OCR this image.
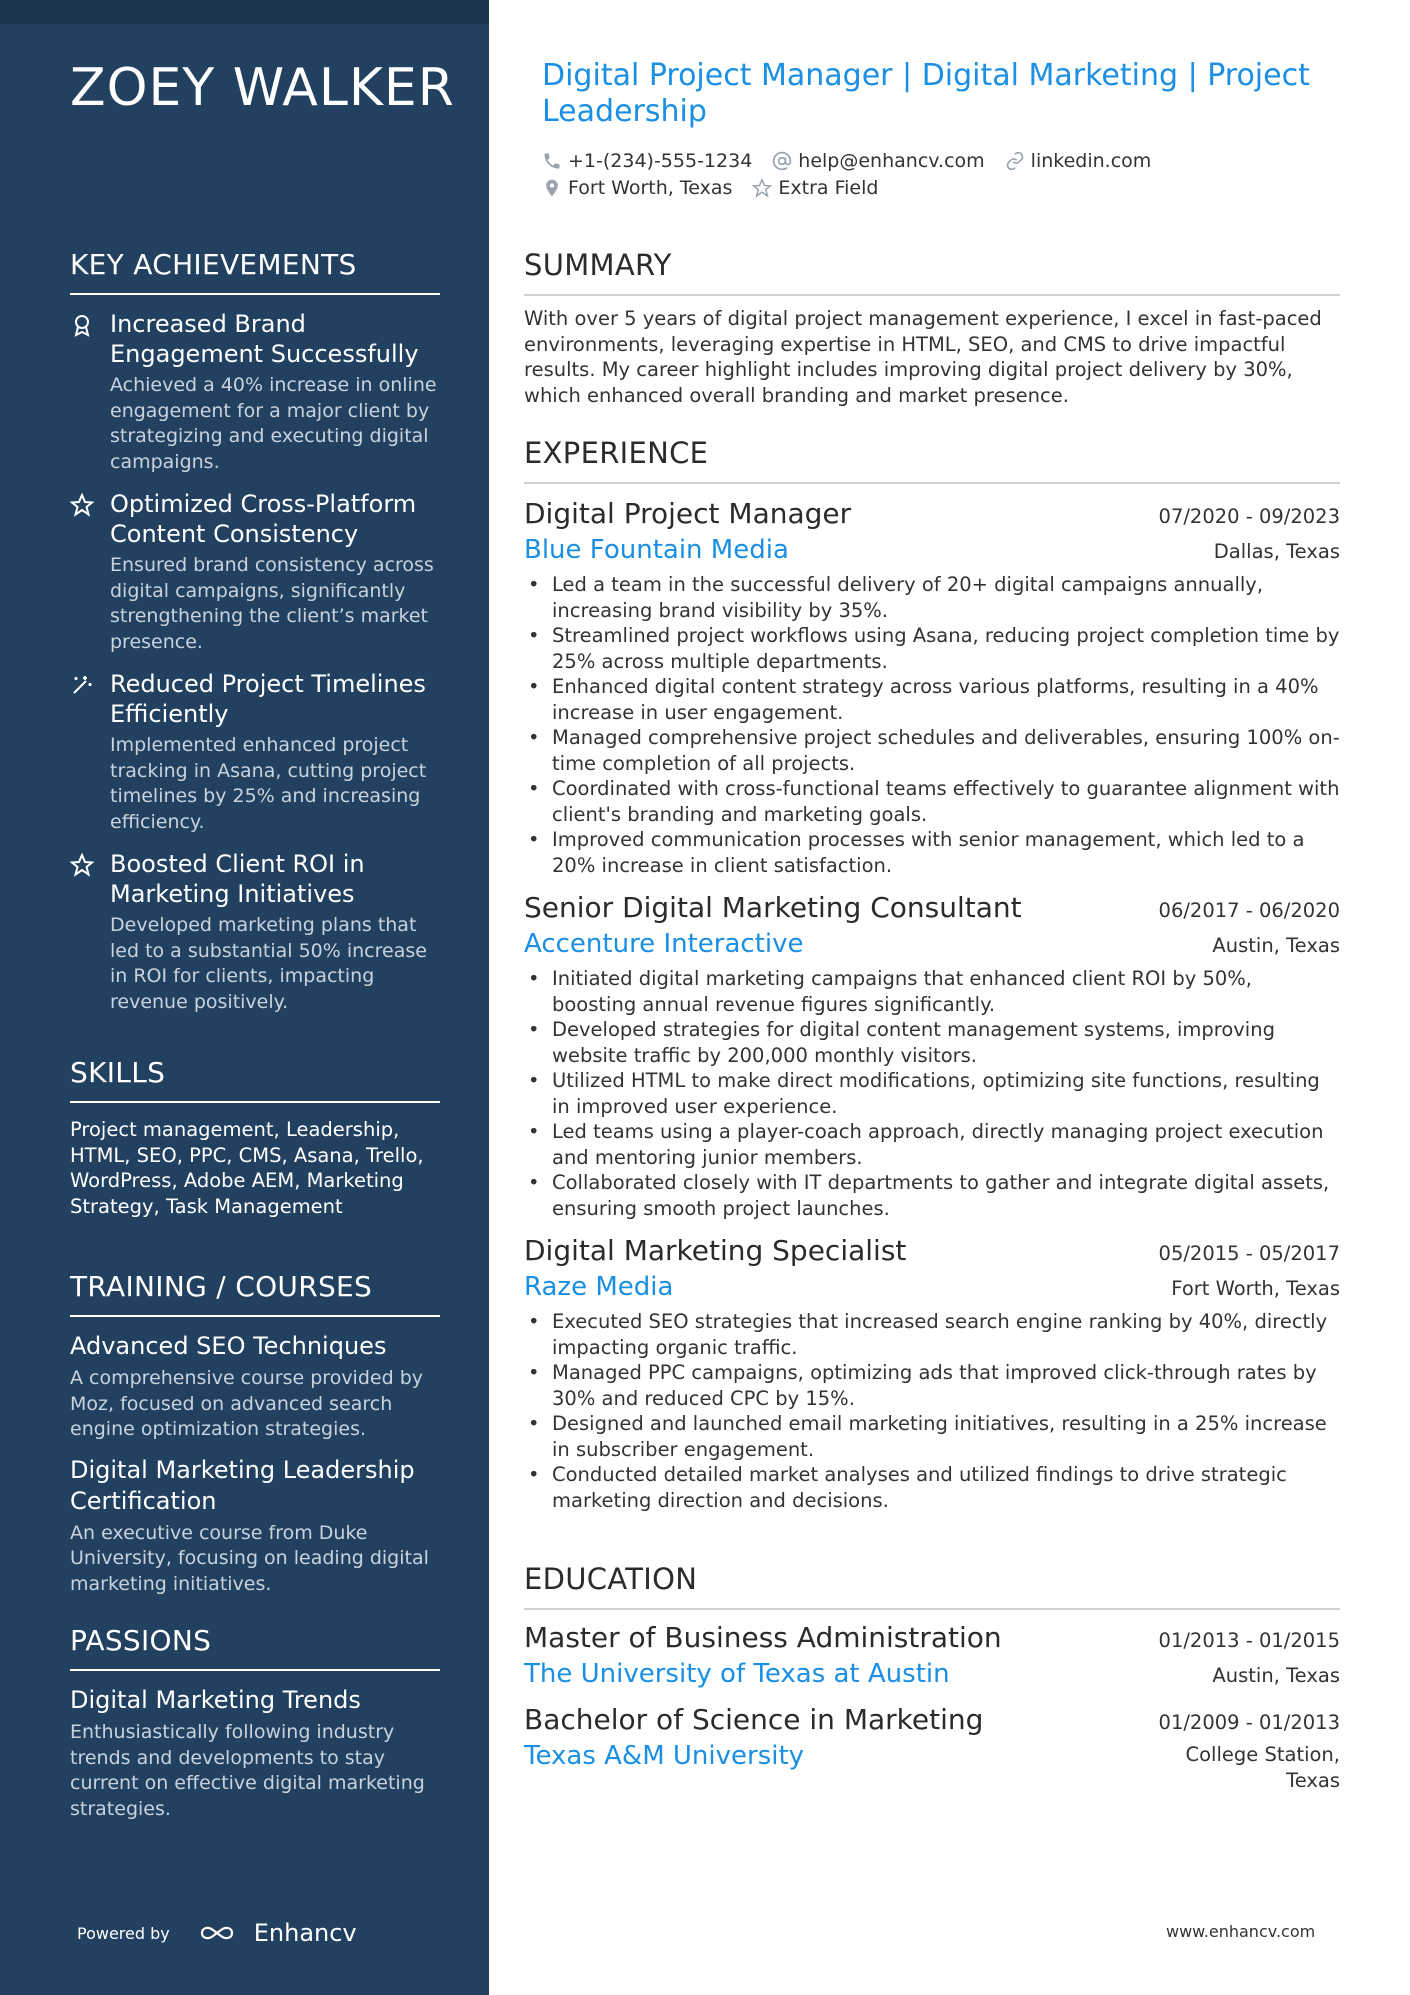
ZOEY WALKER
KEY ACHIEVEMENTS
Increased Brand Engagement Successfully
Achieved a 40% increase in online engagement for a major client by strategizing and executing digital campaigns.
Optimized Cross-Platform Content Consistency
Ensured brand consistency across digital campaigns, significantly strengthening the client’s market presence.
Reduced Project Timelines Efficiently
Implemented enhanced project tracking in Asana, cutting project timelines by 25% and increasing efficiency.
Boosted Client ROI in Marketing Initiatives
Developed marketing plans that led to a substantial 50% increase in ROI for clients, impacting revenue positively.
SKILLS
Project management, Leadership, HTML, SEO, PPC, CMS, Asana, Trello, WordPress, Adobe AEM, Marketing Strategy, Task Management
TRAINING / COURSES
Advanced SEO Techniques
A comprehensive course provided by Moz, focused on advanced search engine optimization strategies.
Digital Marketing Leadership Certification
An executive course from Duke University, focusing on leading digital marketing initiatives.
PASSIONS
Digital Marketing Trends
Enthusiastically following industry trends and developments to stay current on effective digital marketing strategies.
Powered by	Enhancv
Digital Project Manager | Digital Marketing | Project Leadership
+1-(234)-555-1234 help@enhancv.com linkedin.com
Fort Worth, Texas Extra Field
SUMMARY
With over 5 years of digital project management experience, I excel in fast-paced environments, leveraging expertise in HTML, SEO, and CMS to drive impactful results. My career highlight includes improving digital project delivery by 30%, which enhanced overall branding and market presence.
EXPERIENCE
Digital Project Manager	07/2020 - 09/2023
Blue Fountain Media	Dallas, Texas
• Led a team in the successful delivery of 20+ digital campaigns annually, increasing brand visibility by 35%.
• Streamlined project workflows using Asana, reducing project completion time by 25% across multiple departments.
• Enhanced digital content strategy across various platforms, resulting in a 40% increase in user engagement.
• Managed comprehensive project schedules and deliverables, ensuring 100% on-time completion of all projects.
• Coordinated with cross-functional teams effectively to guarantee alignment with client's branding and marketing goals.
• Improved communication processes with senior management, which led to a 20% increase in client satisfaction.
Senior Digital Marketing Consultant	06/2017 - 06/2020
Accenture Interactive	Austin, Texas
• Initiated digital marketing campaigns that enhanced client ROI by 50%, boosting annual revenue figures significantly.
• Developed strategies for digital content management systems, improving website traffic by 200,000 monthly visitors.
• Utilized HTML to make direct modifications, optimizing site functions, resulting in improved user experience.
• Led teams using a player-coach approach, directly managing project execution and mentoring junior members.
• Collaborated closely with IT departments to gather and integrate digital assets, ensuring smooth project launches.
Digital Marketing Specialist	05/2015 - 05/2017
Raze Media	Fort Worth, Texas
• Executed SEO strategies that increased search engine ranking by 40%, directly impacting organic traffic.
• Managed PPC campaigns, optimizing ads that improved click-through rates by 30% and reduced CPC by 15%.
• Designed and launched email marketing initiatives, resulting in a 25% increase in subscriber engagement.
• Conducted detailed market analyses and utilized findings to drive strategic marketing direction and decisions.
EDUCATION
Master of Business Administration	01/2013 - 01/2015
The University of Texas at Austin	Austin, Texas
Bachelor of Science in Marketing	01/2009 - 01/2013
Texas A&M University	College Station, Texas
www.enhancv.com
